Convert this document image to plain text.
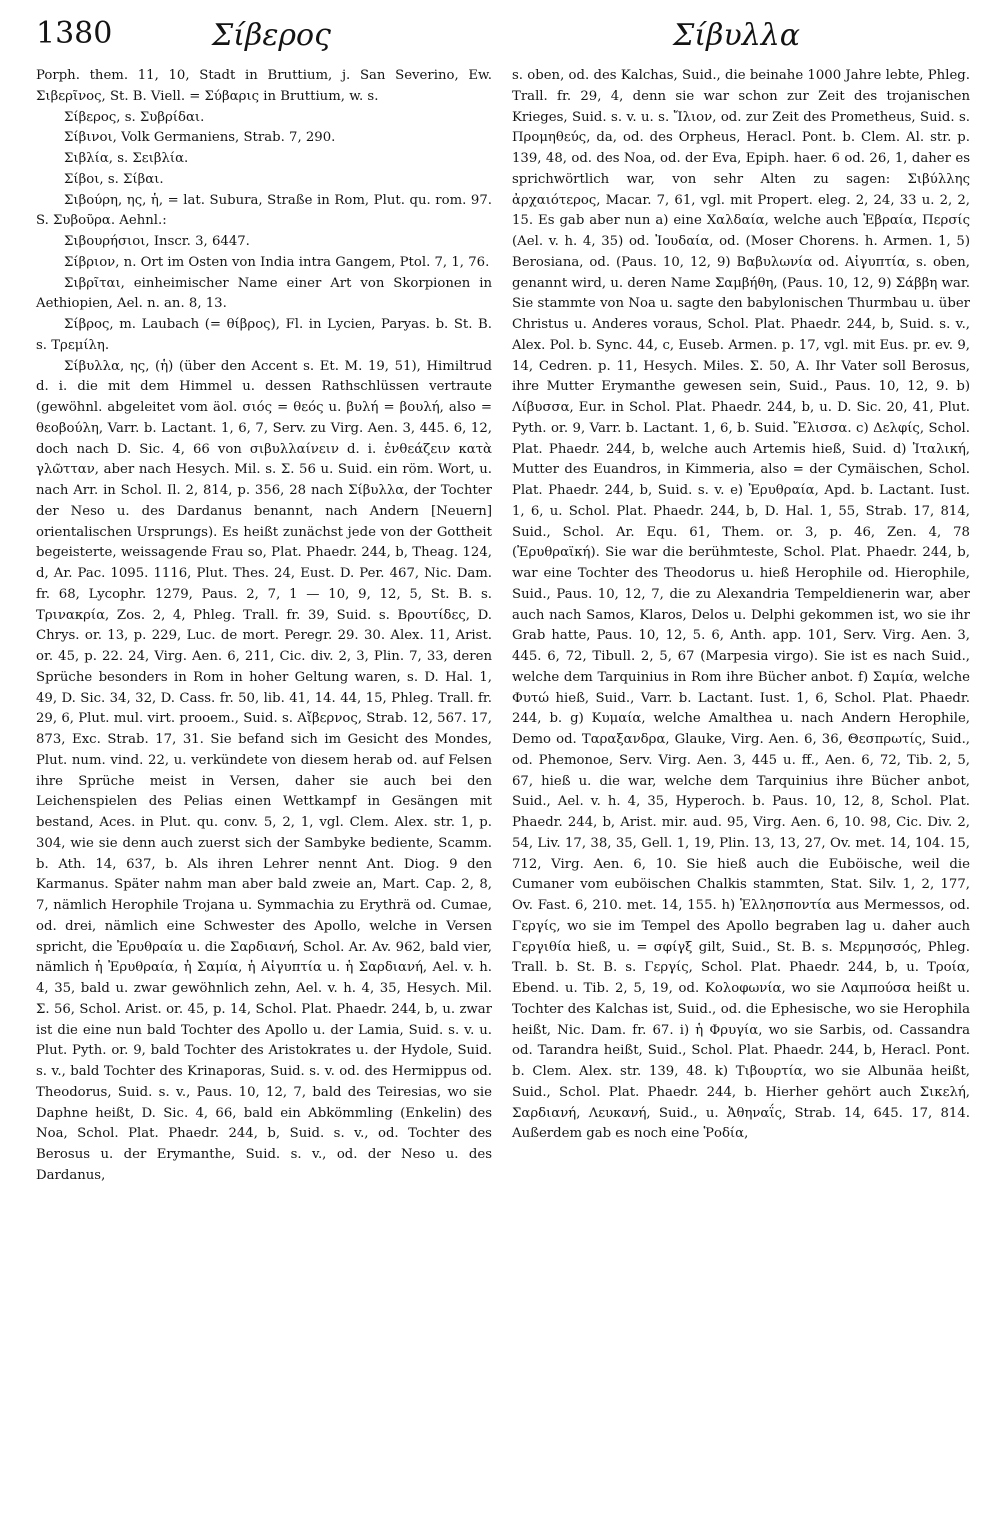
1380	Σίβερος	Σίβυλλα

Porph. them. 11, 10, Stadt in Bruttium, j. San Severino, Ew. Σιβερῖνος, St. B. Viell. = Σύβαρις in Bruttium, w. s.

Σίβερος, s. Συβρίδαι.

Σίβινοι, Volk Germaniens, Strab. 7, 290.

Σιβλία, s. Σειβλία.

Σίβοι, s. Σίβαι.

Σιβούρη, ης, ἡ, = lat. Subura, Straße in Rom, Plut. qu. rom. 97. S. Συβοῦρα. Aehnl.:

Σιβουρήσιοι, Inscr. 3, 6447.

Σίβριον, n. Ort im Osten von India intra Gangem, Ptol. 7, 1, 76.

Σιβρῖται, einheimischer Name einer Art von Skorpionen in Aethiopien, Ael. n. an. 8, 13.

Σίβρος, m. Laubach (= θίβρος), Fl. in Lycien, Paryas. b. St. B. s. Τρεμίλη.

Σίβυλλα, ης, (ἡ) (über den Accent s. Et. M. 19, 51), Himiltrud d. i. die mit dem Himmel u. dessen Rathschlüssen vertraute (gewöhnl. abgeleitet vom äol. σιός = θεός u. βυλή = βουλή, also = θεοβούλη, Varr. b. Lactant. 1, 6, 7, Serv. zu Virg. Aen. 3, 445. 6, 12, doch nach D. Sic. 4, 66 von σιβυλλαίνειν d. i. ἐνθεάζειν κατὰ γλῶτταν, aber nach Hesych. Mil. s. Σ. 56 u. Suid. ein röm. Wort, u. nach Arr. in Schol. Il. 2, 814, p. 356, 28 nach Σίβυλλα, der Tochter der Neso u. des Dardanus benannt, nach Andern [Neuern] orientalischen Ursprungs). Es heißt zunächst jede von der Gottheit begeisterte, weissagende Frau so, Plat. Phaedr. 244, b, Theag. 124, d, Ar. Pac. 1095. 1116, Plut. Thes. 24, Eust. D. Per. 467, Nic. Dam. fr. 68, Lycophr. 1279, Paus. 2, 7, 1 — 10, 9, 12, 5, St. B. s. Τρινακρία, Zos. 2, 4, Phleg. Trall. fr. 39, Suid. s. Βρουτίδες, D. Chrys. or. 13, p. 229, Luc. de mort. Peregr. 29. 30. Alex. 11, Arist. or. 45, p. 22. 24, Virg. Aen. 6, 211, Cic. div. 2, 3, Plin. 7, 33, deren Sprüche besonders in Rom in hoher Geltung waren, s. D. Hal. 1, 49, D. Sic. 34, 32, D. Cass. fr. 50, lib. 41, 14. 44, 15, Phleg. Trall. fr. 29, 6, Plut. mul. virt. prooem., Suid. s. Αἴβερνος, Strab. 12, 567. 17, 873, Exc. Strab. 17, 31. Sie befand sich im Gesicht des Mondes, Plut. num. vind. 22, u. verkündete von diesem herab od. auf Felsen ihre Sprüche meist in Versen, daher sie auch bei den Leichenspielen des Pelias einen Wettkampf in Gesängen mit bestand, Aces. in Plut. qu. conv. 5, 2, 1, vgl. Clem. Alex. str. 1, p. 304, wie sie denn auch zuerst sich der Sambyke bediente, Scamm. b. Ath. 14, 637, b. Als ihren Lehrer nennt Ant. Diog. 9 den Karmanus. Später nahm man aber bald zweie an, Mart. Cap. 2, 8, 7, nämlich Herophile Trojana u. Symmachia zu Erythrä od. Cumae, od. drei, nämlich eine Schwester des Apollo, welche in Versen spricht, die Ἐρυθραία u. die Σαρδιανή, Schol. Ar. Av. 962, bald vier, nämlich ἡ Ἐρυθραία, ἡ Σαμία, ἡ Αἰγυπτία u. ἡ Σαρδιανή, Ael. v. h. 4, 35, bald u. zwar gewöhnlich zehn, Ael. v. h. 4, 35, Hesych. Mil. Σ. 56, Schol. Arist. or. 45, p. 14, Schol. Plat. Phaedr. 244, b, u. zwar ist die eine nun bald Tochter des Apollo u. der Lamia, Suid. s. v. u. Plut. Pyth. or. 9, bald Tochter des Aristokrates u. der Hydole, Suid. s. v., bald Tochter des Krinaporas, Suid. s. v. od. des Hermippus od. Theodorus, Suid. s. v., Paus. 10, 12, 7, bald des Teiresias, wo sie Daphne heißt, D. Sic. 4, 66, bald ein Abkömmling (Enkelin) des Noa, Schol. Plat. Phaedr. 244, b, Suid. s. v., od. Tochter des Berosus u. der Erymanthe, Suid. s. v., od. der Neso u. des Dardanus,

s. oben, od. des Kalchas, Suid., die beinahe 1000 Jahre lebte, Phleg. Trall. fr. 29, 4, denn sie war schon zur Zeit des trojanischen Krieges, Suid. s. v. u. s. Ἴλιον, od. zur Zeit des Prometheus, Suid. s. Προμηθεύς, da, od. des Orpheus, Heracl. Pont. b. Clem. Al. str. p. 139, 48, od. des Noa, od. der Eva, Epiph. haer. 6 od. 26, 1, daher es sprichwörtlich war, von sehr Alten zu sagen: Σιβύλλης ἀρχαιότερος, Macar. 7, 61, vgl. mit Propert. eleg. 2, 24, 33 u. 2, 2, 15. Es gab aber nun a) eine Χαλδαία, welche auch Ἑβραία, Περσίς (Ael. v. h. 4, 35) od. Ἰουδαία, od. (Moser Chorens. h. Armen. 1, 5) Berosiana, od. (Paus. 10, 12, 9) Βαβυλωνία od. Αἰγυπτία, s. oben, genannt wird, u. deren Name Σαμβήθη, (Paus. 10, 12, 9) Σάββη war. Sie stammte von Noa u. sagte den babylonischen Thurmbau u. über Christus u. Anderes voraus, Schol. Plat. Phaedr. 244, b, Suid. s. v., Alex. Pol. b. Sync. 44, c, Euseb. Armen. p. 17, vgl. mit Eus. pr. ev. 9, 14, Cedren. p. 11, Hesych. Miles. Σ. 50, A. Ihr Vater soll Berosus, ihre Mutter Erymanthe gewesen sein, Suid., Paus. 10, 12, 9. b) Λίβυσσα, Eur. in Schol. Plat. Phaedr. 244, b, u. D. Sic. 20, 41, Plut. Pyth. or. 9, Varr. b. Lactant. 1, 6, b. Suid. Ἔλισσα. c) Δελφίς, Schol. Plat. Phaedr. 244, b, welche auch Artemis hieß, Suid. d) Ἰταλική, Mutter des Euandros, in Kimmeria, also = der Cymäischen, Schol. Plat. Phaedr. 244, b, Suid. s. v. e) Ἐρυθραία, Apd. b. Lactant. Iust. 1, 6, u. Schol. Plat. Phaedr. 244, b, D. Hal. 1, 55, Strab. 17, 814, Suid., Schol. Ar. Equ. 61, Them. or. 3, p. 46, Zen. 4, 78 (Ἐρυθραϊκή). Sie war die berühmteste, Schol. Plat. Phaedr. 244, b, war eine Tochter des Theodorus u. hieß Herophile od. Hierophile, Suid., Paus. 10, 12, 7, die zu Alexandria Tempeldienerin war, aber auch nach Samos, Klaros, Delos u. Delphi gekommen ist, wo sie ihr Grab hatte, Paus. 10, 12, 5. 6, Anth. app. 101, Serv. Virg. Aen. 3, 445. 6, 72, Tibull. 2, 5, 67 (Marpesia virgo). Sie ist es nach Suid., welche dem Tarquinius in Rom ihre Bücher anbot. f) Σαμία, welche Φυτώ hieß, Suid., Varr. b. Lactant. Iust. 1, 6, Schol. Plat. Phaedr. 244, b. g) Κυμαία, welche Amalthea u. nach Andern Herophile, Demo od. Ταραξανδρα, Glauke, Virg. Aen. 6, 36, Θεσπρωτίς, Suid., od. Phemonoe, Serv. Virg. Aen. 3, 445 u. ff., Aen. 6, 72, Tib. 2, 5, 67, hieß u. die war, welche dem Tarquinius ihre Bücher anbot, Suid., Ael. v. h. 4, 35, Hyperoch. b. Paus. 10, 12, 8, Schol. Plat. Phaedr. 244, b, Arist. mir. aud. 95, Virg. Aen. 6, 10. 98, Cic. Div. 2, 54, Liv. 17, 38, 35, Gell. 1, 19, Plin. 13, 13, 27, Ov. met. 14, 104. 15, 712, Virg. Aen. 6, 10. Sie hieß auch die Euböische, weil die Cumaner vom euböischen Chalkis stammten, Stat. Silv. 1, 2, 177, Ov. Fast. 6, 210. met. 14, 155. h) Ἑλλησποντία aus Mermessos, od. Γεργίς, wo sie im Tempel des Apollo begraben lag u. daher auch Γεργιθία hieß, u. = σφίγξ gilt, Suid., St. B. s. Μερμησσός, Phleg. Trall. b. St. B. s. Γεργίς, Schol. Plat. Phaedr. 244, b, u. Τροία, Ebend. u. Tib. 2, 5, 19, od. Κολοφωνία, wo sie Λαμπούσα heißt u. Tochter des Kalchas ist, Suid., od. die Ephesische, wo sie Herophila heißt, Nic. Dam. fr. 67. i) ἡ Φρυγία, wo sie Sarbis, od. Cassandra od. Tarandra heißt, Suid., Schol. Plat. Phaedr. 244, b, Heracl. Pont. b. Clem. Alex. str. 139, 48. k) Τιβουρτία, wo sie Albunäa heißt, Suid., Schol. Plat. Phaedr. 244, b. Hierher gehört auch Σικελή, Σαρδιανή, Λευκανή, Suid., u. Ἀθηναΐς, Strab. 14, 645. 17, 814. Außerdem gab es noch eine Ῥοδία,
